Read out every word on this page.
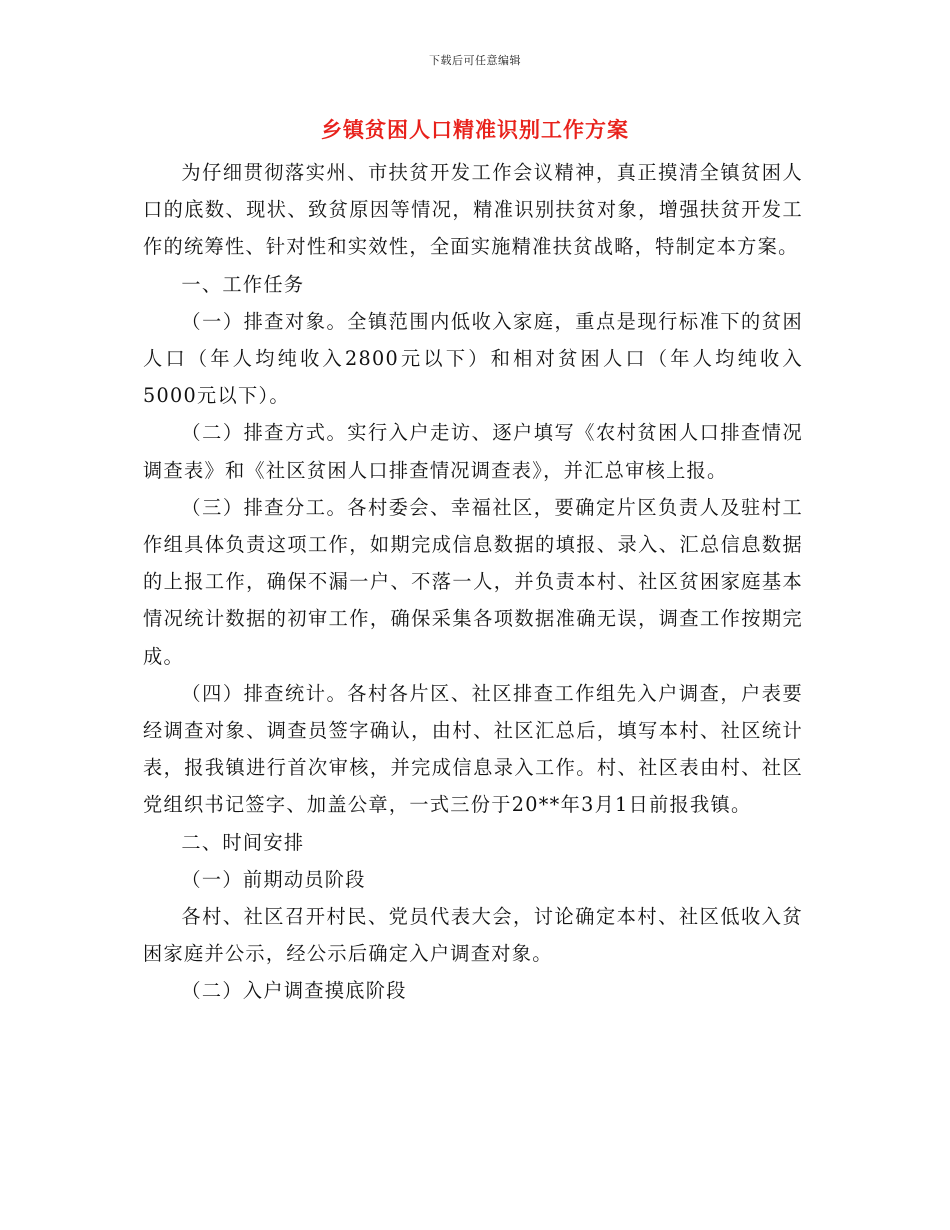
下载后可任意编辑
乡镇贫困人口精准识别工作方案

为仔细贯彻落实州、市扶贫开发工作会议精神，真正摸清全镇贫困人口的底数、现状、致贫原因等情况，精准识别扶贫对象，增强扶贫开发工作的统筹性、针对性和实效性，全面实施精准扶贫战略，特制定本方案。

一、工作任务

（一）排查对象。全镇范围内低收入家庭，重点是现行标准下的贫困人口（年人均纯收入2800元以下）和相对贫困人口（年人均纯收入5000元以下）。

（二）排查方式。实行入户走访、逐户填写《农村贫困人口排查情况调查表》和《社区贫困人口排查情况调查表》，并汇总审核上报。

（三）排查分工。各村委会、幸福社区，要确定片区负责人及驻村工作组具体负责这项工作，如期完成信息数据的填报、录入、汇总信息数据的上报工作，确保不漏一户、不落一人，并负责本村、社区贫困家庭基本情况统计数据的初审工作，确保采集各项数据准确无误，调查工作按期完成。

（四）排查统计。各村各片区、社区排查工作组先入户调查，户表要经调查对象、调查员签字确认，由村、社区汇总后，填写本村、社区统计表，报我镇进行首次审核，并完成信息录入工作。村、社区表由村、社区党组织书记签字、加盖公章，一式三份于20**年3月1日前报我镇。

二、时间安排

（一）前期动员阶段

各村、社区召开村民、党员代表大会，讨论确定本村、社区低收入贫困家庭并公示，经公示后确定入户调查对象。

（二）入户调查摸底阶段
